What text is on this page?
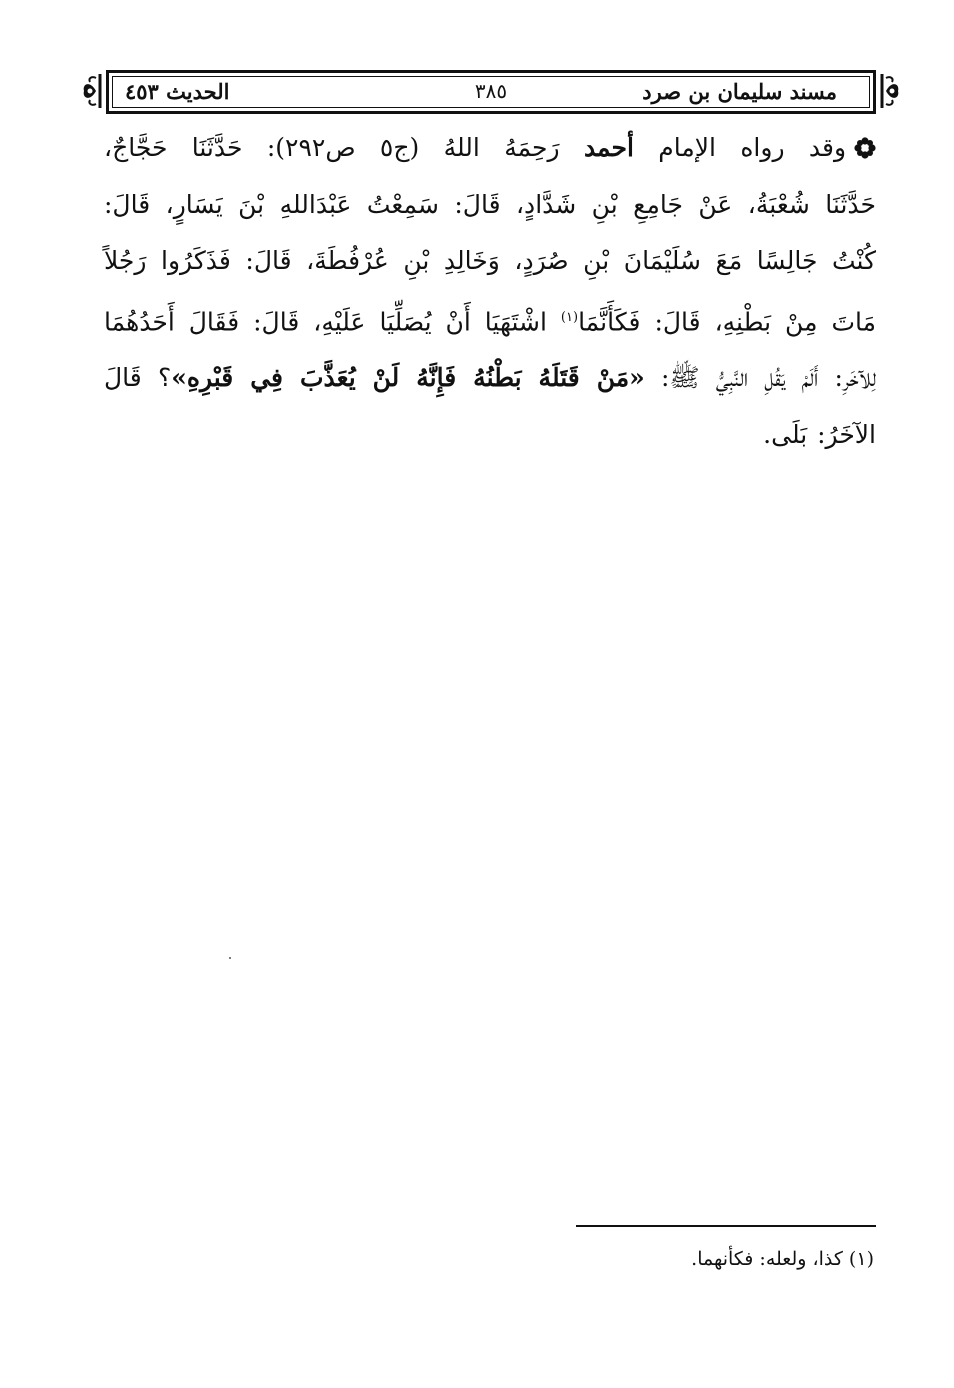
مسند سليمان بن صرد
٣٨٥
الحديث ٤٥٣
وقد رواه الإمام أحمد رَحِمَهُ اللهُ (ج٥ ص٢٩٢): حَدَّثَنَا حَجَّاجٌ،
حَدَّثَنَا شُعْبَةُ، عَنْ جَامِعِ بْنِ شَدَّادٍ، قَالَ: سَمِعْتُ عَبْدَاللهِ بْنَ يَسَارٍ، قَالَ:
كُنْتُ جَالِسًا مَعَ سُلَيْمَانَ بْنِ صُرَدٍ، وَخَالِدِ بْنِ عُرْفُطَةَ، قَالَ: فَذَكَرُوا رَجُلاً
مَاتَ مِنْ بَطْنِهِ، قَالَ: فَكَأَنَّمَا$^{(١)}$ اشْتَهَيَا أَنْ يُصَلِّيَا عَلَيْهِ، قَالَ: فَقَالَ أَحَدُهُمَا
لِلآخَرِ: أَلَمْ يَقُلِ النَّبِيُّ ﷺ: «مَنْ قَتَلَهُ بَطْنُهُ فَإِنَّهُ لَنْ يُعَذَّبَ فِي قَبْرِهِ»؟ قَالَ
الآخَرُ: بَلَى.
(١) كذا، ولعله: فكأنهما.
